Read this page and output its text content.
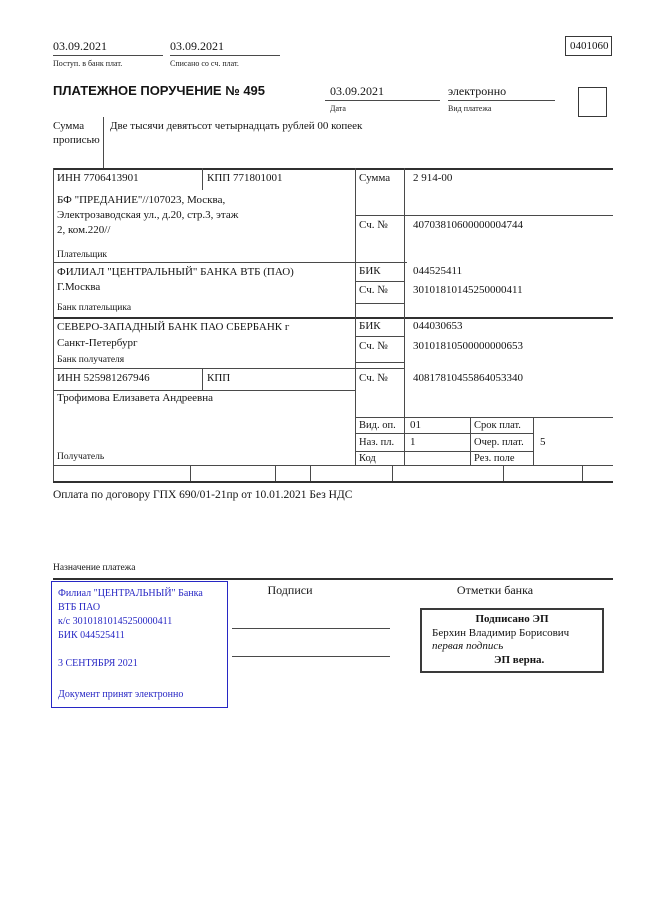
03.09.2021	03.09.2021
Поступ. в банк плат.	Списано со сч. плат.
0401060
ПЛАТЕЖНОЕ ПОРУЧЕНИЕ № 495	03.09.2021
Дата
электронно
Вид платежа
Сумма
прописью
Две тысячи девятьсот четырнадцать рублей 00 копеек
ИНН 7706413901	КПП 771801001
БФ "ПРЕДАНИЕ"//107023, Москва,
Электрозаводская ул., д.20, стр.3, этаж
2, ком.220//
Плательщик
Сумма 2 914-00
Сч. № 40703810600000004744
ФИЛИАЛ "ЦЕНТРАЛЬНЫЙ" БАНКА ВТБ (ПАО)
Г.Москва
Банк плательщика
БИК	044525411
Сч. № 30101810145250000411
СЕВЕРО-ЗАПАДНЫЙ БАНК ПАО СБЕРБАНК г
Санкт-Петербург
Банк получателя
БИК	044030653
Сч. № 30101810500000000653
ИНН 525981267946	КПП
Трофимова Елизавета Андреевна
Получатель
Сч. № 40817810455864053340
Вид. оп. 01	Срок плат.
Наз. пл. 1	Очер. плат. 5
Код	Рез. поле
Оплата по договору ГПХ 690/01-21пр от 10.01.2021 Без НДС
Назначение платежа
Подписи	Отметки банка
Филиал "ЦЕНТРАЛЬНЫЙ" Банка
ВТБ ПАО
к/с 30101810145250000411
БИК 044525411
3 СЕНТЯБРЯ 2021
Документ принят электронно
Подписано ЭП
Берхин Владимир Борисович
первая подпись
ЭП верна.
